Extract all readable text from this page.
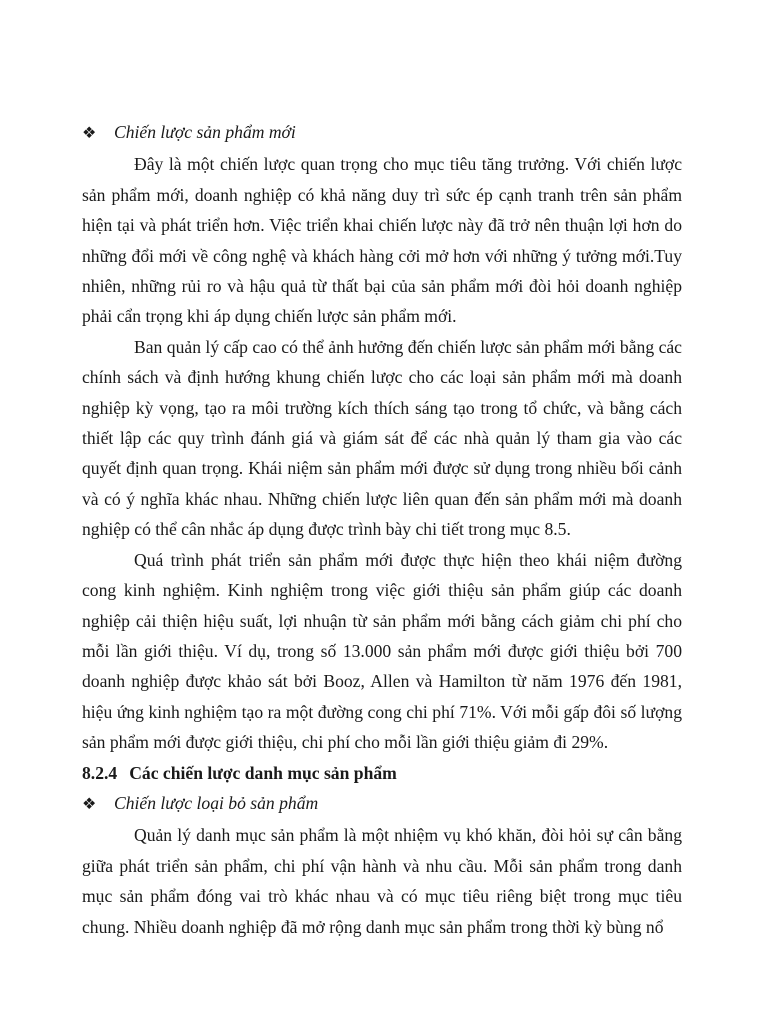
❖	Chiến lược sản phẩm mới

Đây là một chiến lược quan trọng cho mục tiêu tăng trưởng. Với chiến lược sản phẩm mới, doanh nghiệp có khả năng duy trì sức ép cạnh tranh trên sản phẩm hiện tại và phát triển hơn. Việc triển khai chiến lược này đã trở nên thuận lợi hơn do những đổi mới về công nghệ và khách hàng cởi mở hơn với những ý tưởng mới.Tuy nhiên, những rủi ro và hậu quả từ thất bại của sản phẩm mới đòi hỏi doanh nghiệp phải cẩn trọng khi áp dụng chiến lược sản phẩm mới.

Ban quản lý cấp cao có thể ảnh hưởng đến chiến lược sản phẩm mới bằng các chính sách và định hướng khung chiến lược cho các loại sản phẩm mới mà doanh nghiệp kỳ vọng, tạo ra môi trường kích thích sáng tạo trong tổ chức, và bằng cách thiết lập các quy trình đánh giá và giám sát để các nhà quản lý tham gia vào các quyết định quan trọng. Khái niệm sản phẩm mới được sử dụng trong nhiều bối cảnh và có ý nghĩa khác nhau. Những chiến lược liên quan đến sản phẩm mới mà doanh nghiệp có thể cân nhắc áp dụng được trình bày chi tiết trong mục 8.5.

Quá trình phát triển sản phẩm mới được thực hiện theo khái niệm đường cong kinh nghiệm. Kinh nghiệm trong việc giới thiệu sản phẩm giúp các doanh nghiệp cải thiện hiệu suất, lợi nhuận từ sản phẩm mới bằng cách giảm chi phí cho mỗi lần giới thiệu. Ví dụ, trong số 13.000 sản phẩm mới được giới thiệu bởi 700 doanh nghiệp được khảo sát bởi Booz, Allen và Hamilton từ năm 1976 đến 1981, hiệu ứng kinh nghiệm tạo ra một đường cong chi phí 71%. Với mỗi gấp đôi số lượng sản phẩm mới được giới thiệu, chi phí cho mỗi lần giới thiệu giảm đi 29%.

8.2.4 Các chiến lược danh mục sản phẩm
❖	Chiến lược loại bỏ sản phẩm

Quản lý danh mục sản phẩm là một nhiệm vụ khó khăn, đòi hỏi sự cân bằng giữa phát triển sản phẩm, chi phí vận hành và nhu cầu. Mỗi sản phẩm trong danh mục sản phẩm đóng vai trò khác nhau và có mục tiêu riêng biệt trong mục tiêu chung. Nhiều doanh nghiệp đã mở rộng danh mục sản phẩm trong thời kỳ bùng nổ
